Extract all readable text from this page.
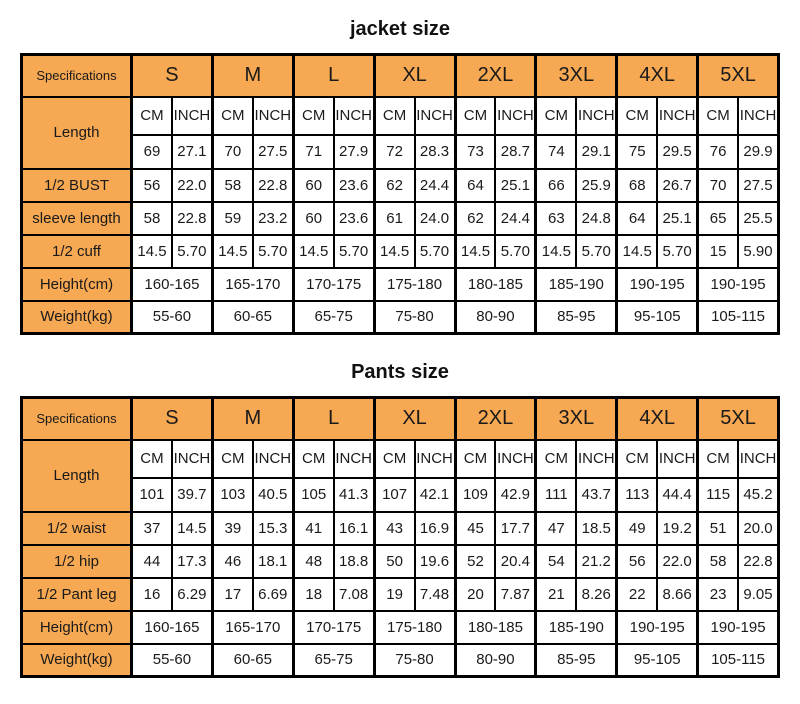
jacket size
Specifications	S		M		L		XL		2XL		3XL		4XL		5XL	
Length	CM	INCH	CM	INCH	CM	INCH	CM	INCH	CM	INCH	CM	INCH	CM	INCH	CM	INCH
	69	27.1	70	27.5	71	27.9	72	28.3	73	28.7	74	29.1	75	29.5	76	29.9
1/2 BUST	56	22.0	58	22.8	60	23.6	62	24.4	64	25.1	66	25.9	68	26.7	70	27.5
sleeve length	58	22.8	59	23.2	60	23.6	61	24.0	62	24.4	63	24.8	64	25.1	65	25.5
1/2 cuff	14.5	5.70	14.5	5.70	14.5	5.70	14.5	5.70	14.5	5.70	14.5	5.70	14.5	5.70	15	5.90
Height(cm)	160-165		165-170		170-175		175-180		180-185		185-190		190-195		190-195	
Weight(kg)	55-60		60-65		65-75		75-80		80-90		85-95		95-105		105-115	
Pants size
Specifications	S		M		L		XL		2XL		3XL		4XL		5XL	
Length	CM	INCH	CM	INCH	CM	INCH	CM	INCH	CM	INCH	CM	INCH	CM	INCH	CM	INCH
	101	39.7	103	40.5	105	41.3	107	42.1	109	42.9	111	43.7	113	44.4	115	45.2
1/2 waist	37	14.5	39	15.3	41	16.1	43	16.9	45	17.7	47	18.5	49	19.2	51	20.0
1/2 hip	44	17.3	46	18.1	48	18.8	50	19.6	52	20.4	54	21.2	56	22.0	58	22.8
1/2 Pant leg	16	6.29	17	6.69	18	7.08	19	7.48	20	7.87	21	8.26	22	8.66	23	9.05
Height(cm)	160-165		165-170		170-175		175-180		180-185		185-190		190-195		190-195	
Weight(kg)	55-60		60-65		65-75		75-80		80-90		85-95		95-105		105-115	
